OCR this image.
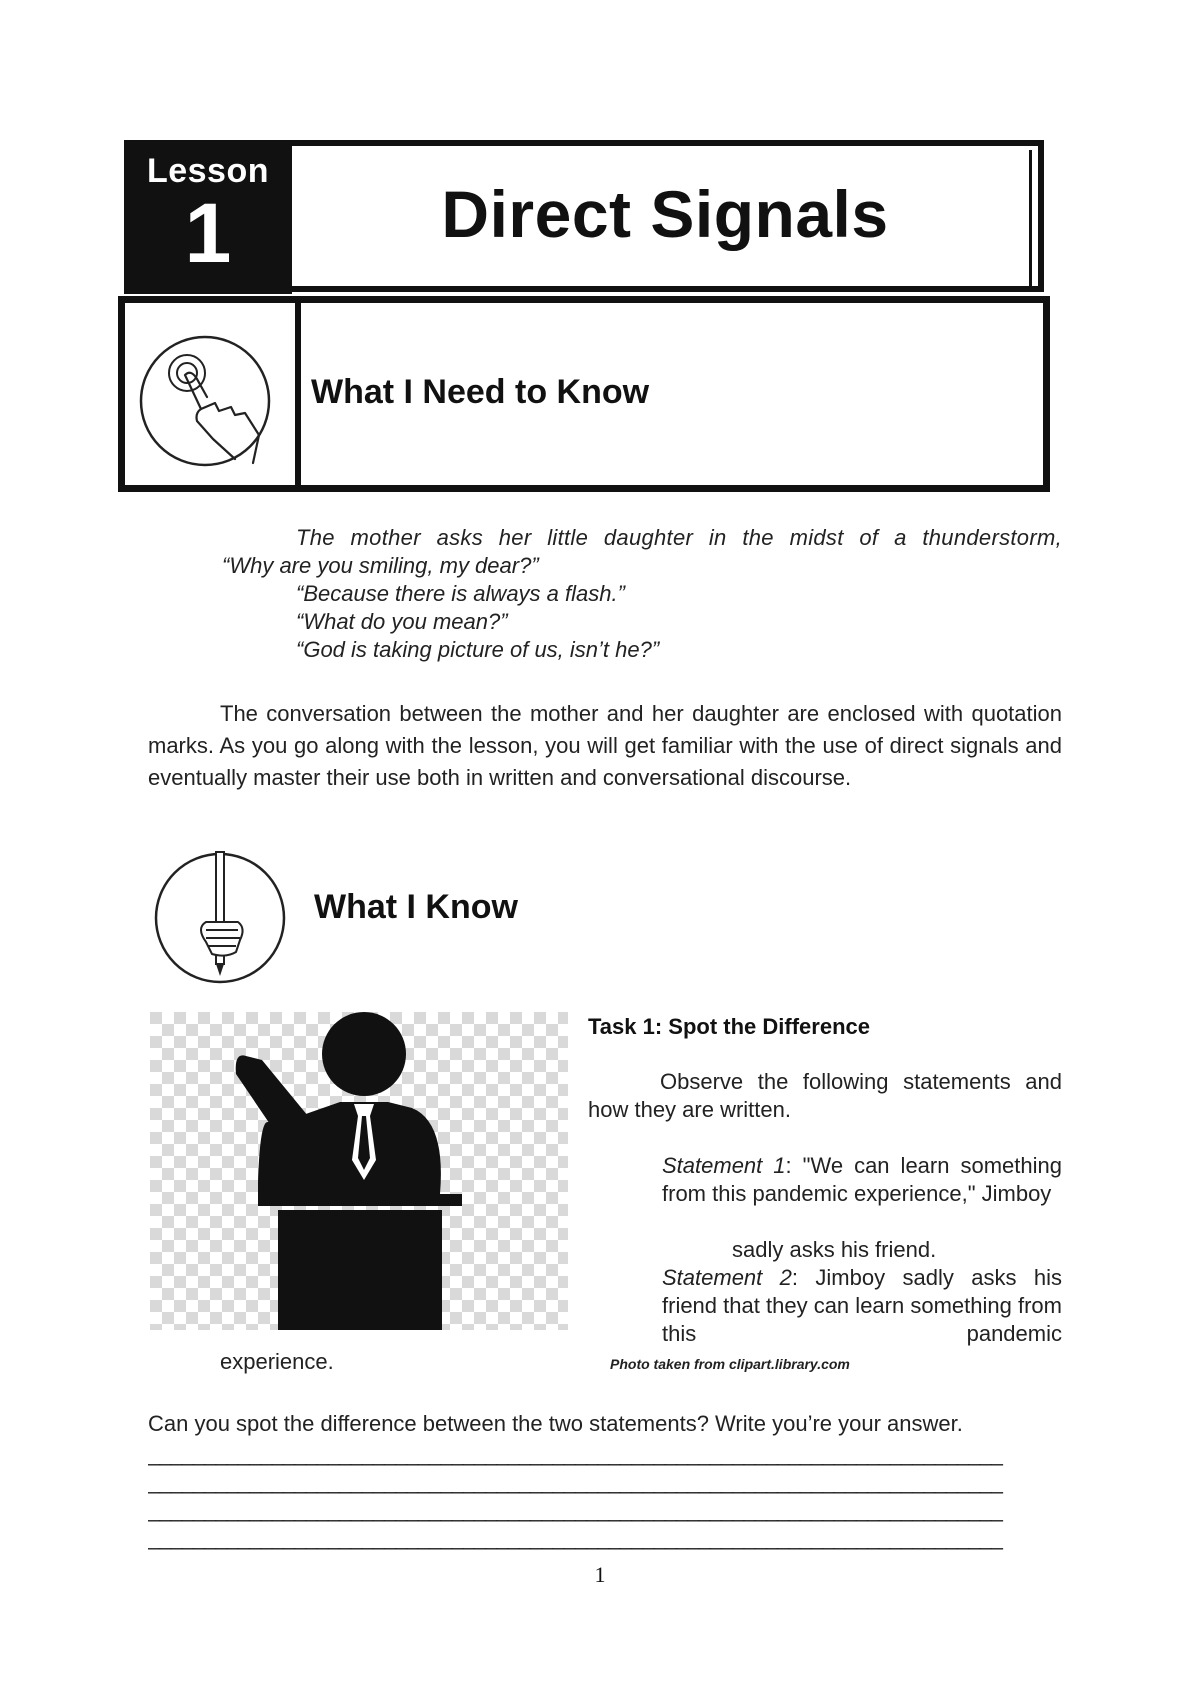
Lesson
1	Direct Signals
What I Need to Know
The mother asks her little daughter in the midst of a thunderstorm,
“Why are you smiling, my dear?”
“Because there is always a flash.”
“What do you mean?”
“God is taking picture of us, isn’t he?”
The conversation between the mother and her daughter are enclosed with quotation marks. As you go along with the lesson, you will get familiar with the use of direct signals and eventually master their use both in written and conversational discourse.
What I Know
Task 1: Spot the Difference
Observe the following statements and how they are written.
Statement 1: "We can learn something from this pandemic experience," Jimboy
sadly asks his friend.
Statement 2: Jimboy sadly asks his friend that they can learn something from this pandemic
experience.	Photo taken from clipart.library.com
Can you spot the difference between the two statements? Write you’re your answer.
____________________________________________________________________________
____________________________________________________________________________
____________________________________________________________________________
____________________________________________________________________________
1
